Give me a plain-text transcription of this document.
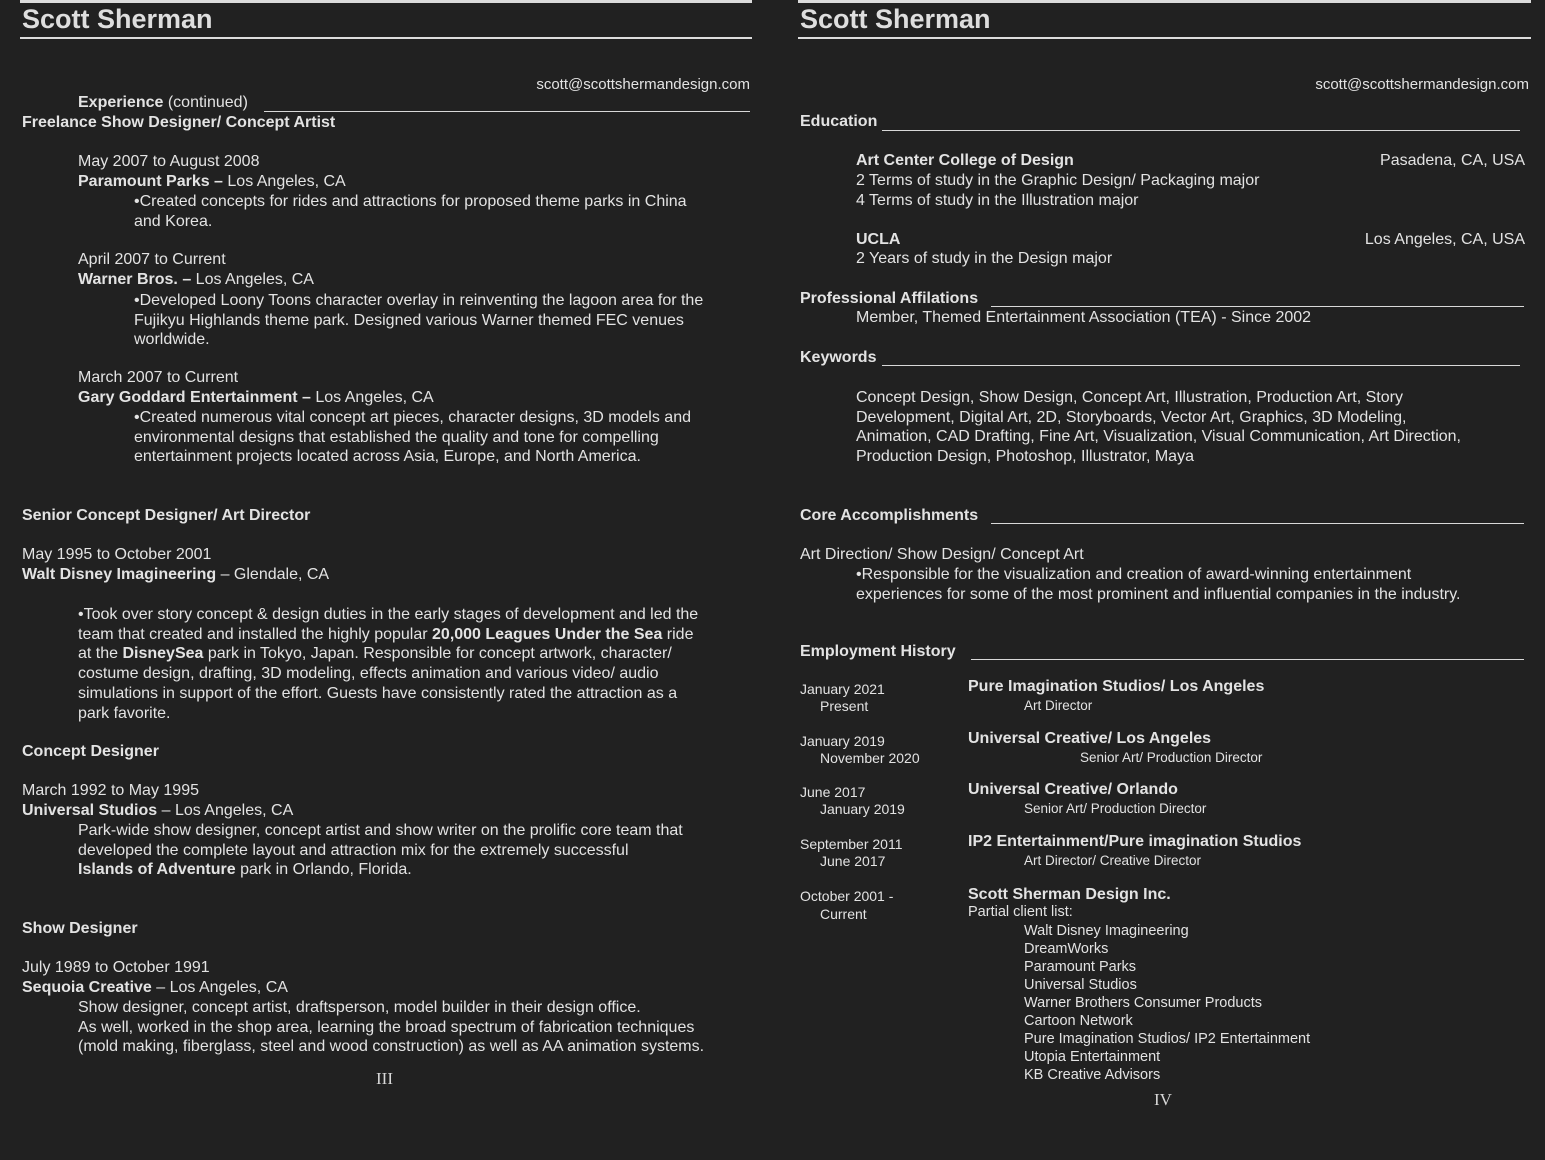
Scott Sherman
scott@scottshermandesign.com
Experience (continued)
Freelance Show Designer/ Concept Artist
May 2007 to August 2008
Paramount Parks – Los Angeles, CA
•Created concepts for rides and attractions for proposed theme parks in China
and Korea.
April 2007 to Current
Warner Bros. – Los Angeles, CA
•Developed Loony Toons character overlay in reinventing the lagoon area for the
Fujikyu Highlands theme park. Designed various Warner themed FEC venues
worldwide.
March 2007 to Current
Gary Goddard Entertainment – Los Angeles, CA
•Created numerous vital concept art pieces, character designs, 3D models and
environmental designs that established the quality and tone for compelling
entertainment projects located across Asia, Europe, and North America.
Senior Concept Designer/ Art Director
May 1995 to October 2001
Walt Disney Imagineering – Glendale, CA
•Took over story concept & design duties in the early stages of development and led the
team that created and installed the highly popular 20,000 Leagues Under the Sea ride
at the DisneySea park in Tokyo, Japan. Responsible for concept artwork, character/
costume design, drafting, 3D modeling, effects animation and various video/ audio
simulations in support of the effort. Guests have consistently rated the attraction as a
park favorite.
Concept Designer
March 1992 to May 1995
Universal Studios – Los Angeles, CA
Park-wide show designer, concept artist and show writer on the prolific core team that
developed the complete layout and attraction mix for the extremely successful
Islands of Adventure park in Orlando, Florida.
Show Designer
July 1989 to October 1991
Sequoia Creative – Los Angeles, CA
Show designer, concept artist, draftsperson, model builder in their design office.
As well, worked in the shop area, learning the broad spectrum of fabrication techniques
(mold making, fiberglass, steel and wood construction) as well as AA animation systems.
III
Scott Sherman
scott@scottshermandesign.com
Education
Art Center College of Design	Pasadena, CA, USA
2 Terms of study in the Graphic Design/ Packaging major
4 Terms of study in the Illustration major
UCLA	Los Angeles, CA, USA
2 Years of study in the Design major
Professional Affilations
Member, Themed Entertainment Association (TEA) - Since 2002
Keywords
Concept Design, Show Design, Concept Art, Illustration, Production Art, Story
Development, Digital Art, 2D, Storyboards, Vector Art, Graphics, 3D Modeling,
Animation, CAD Drafting, Fine Art, Visualization, Visual Communication, Art Direction,
Production Design, Photoshop, Illustrator, Maya
Core Accomplishments
Art Direction/ Show Design/ Concept Art
•Responsible for the visualization and creation of award-winning entertainment
experiences for some of the most prominent and influential companies in the industry.
Employment History
January 2021
Present
Pure Imagination Studios/ Los Angeles
Art Director
January 2019
November 2020
Universal Creative/ Los Angeles
Senior Art/ Production Director
June 2017
January 2019
Universal Creative/ Orlando
Senior Art/ Production Director
September 2011
June 2017
IP2 Entertainment/Pure imagination Studios
Art Director/ Creative Director
October 2001 -
Current
Scott Sherman Design Inc.
Partial client list:
Walt Disney Imagineering
DreamWorks
Paramount Parks
Universal Studios
Warner Brothers Consumer Products
Cartoon Network
Pure Imagination Studios/ IP2 Entertainment
Utopia Entertainment
KB Creative Advisors
IV
